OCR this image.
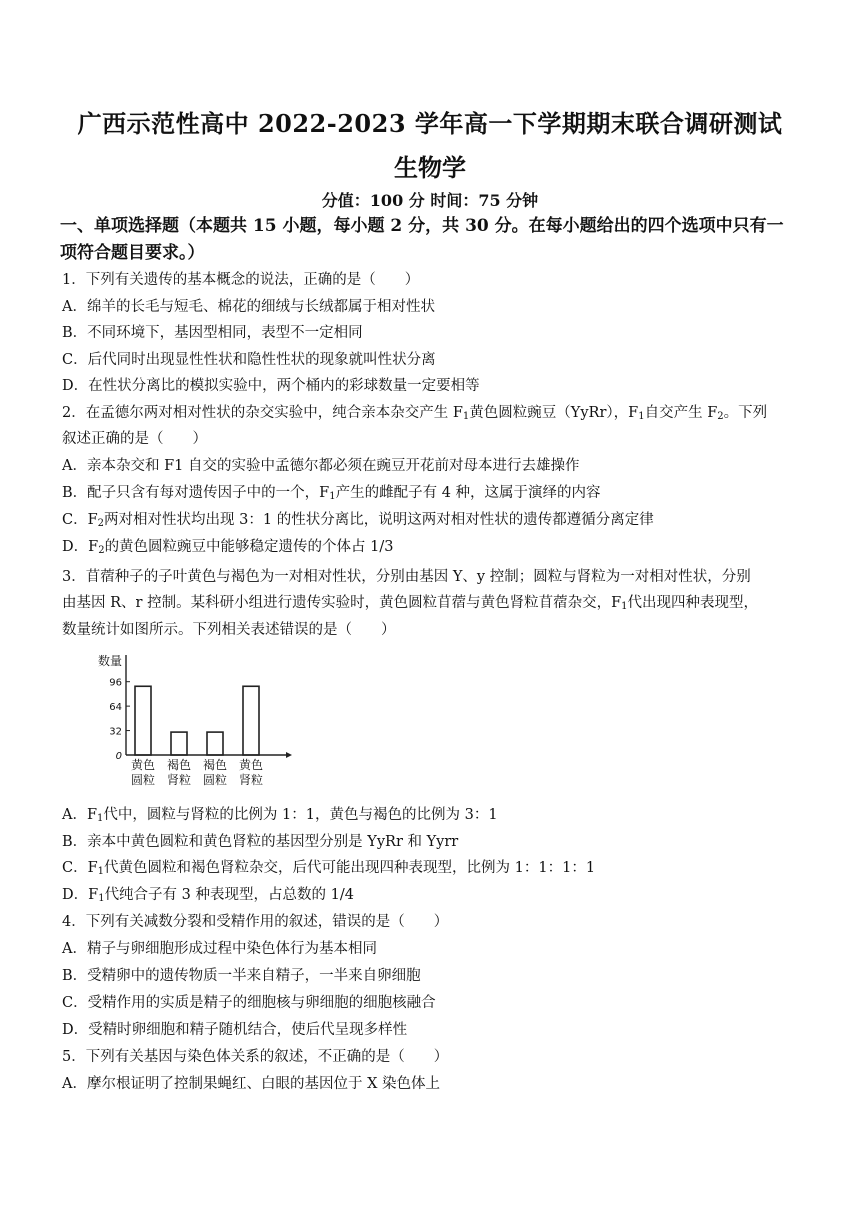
广西示范性高中 2022-2023 学年高一下学期期末联合调研测试
生物学
分值：100 分 时间：75 分钟
一、单项选择题（本题共 15 小题，每小题 2 分，共 30 分。在每小题给出的四个选项中只有一
项符合题目要求。）
1．下列有关遗传的基本概念的说法，正确的是（　　）
A．绵羊的长毛与短毛、棉花的细绒与长绒都属于相对性状
B．不同环境下，基因型相同，表型不一定相同
C．后代同时出现显性性状和隐性性状的现象就叫性状分离
D．在性状分离比的模拟实验中，两个桶内的彩球数量一定要相等
2．在孟德尔两对相对性状的杂交实验中，纯合亲本杂交产生 $F_1$黄色圆粒豌豆（YyRr），$F_1$自交产生 $F_2$。下列
叙述正确的是（　　）
A．亲本杂交和 F1 自交的实验中孟德尔都必须在豌豆开花前对母本进行去雄操作
B．配子只含有每对遗传因子中的一个，$F_1$产生的雌配子有 4 种，这属于演绎的内容
C．$F_2$两对相对性状均出现 3：1 的性状分离比，说明这两对相对性状的遗传都遵循分离定律
D．$F_2$的黄色圆粒豌豆中能够稳定遗传的个体占 1/3
3．苜蓿种子的子叶黄色与褐色为一对相对性状，分别由基因 Y、y 控制；圆粒与肾粒为一对相对性状，分别
由基因 R、r 控制。某科研小组进行遗传实验时，黄色圆粒苜蓿与黄色肾粒苜蓿杂交，$F_1$代出现四种表现型，
数量统计如图所示。下列相关表述错误的是（　　）
数量
0
32
64
96
黄色
圆粒
褐色
肾粒
褐色
圆粒
黄色
肾粒
A．$F_1$代中，圆粒与肾粒的比例为 1：1，黄色与褐色的比例为 3：1
B．亲本中黄色圆粒和黄色肾粒的基因型分别是 YyRr 和 Yyrr
C．$F_1$代黄色圆粒和褐色肾粒杂交，后代可能出现四种表现型，比例为 1：1：1：1
D．$F_1$代纯合子有 3 种表现型，占总数的 1/4
4．下列有关减数分裂和受精作用的叙述，错误的是（　　）
A．精子与卵细胞形成过程中染色体行为基本相同
B．受精卵中的遗传物质一半来自精子，一半来自卵细胞
C．受精作用的实质是精子的细胞核与卵细胞的细胞核融合
D．受精时卵细胞和精子随机结合，使后代呈现多样性
5．下列有关基因与染色体关系的叙述，不正确的是（　　）
A．摩尔根证明了控制果蝇红、白眼的基因位于 X 染色体上
